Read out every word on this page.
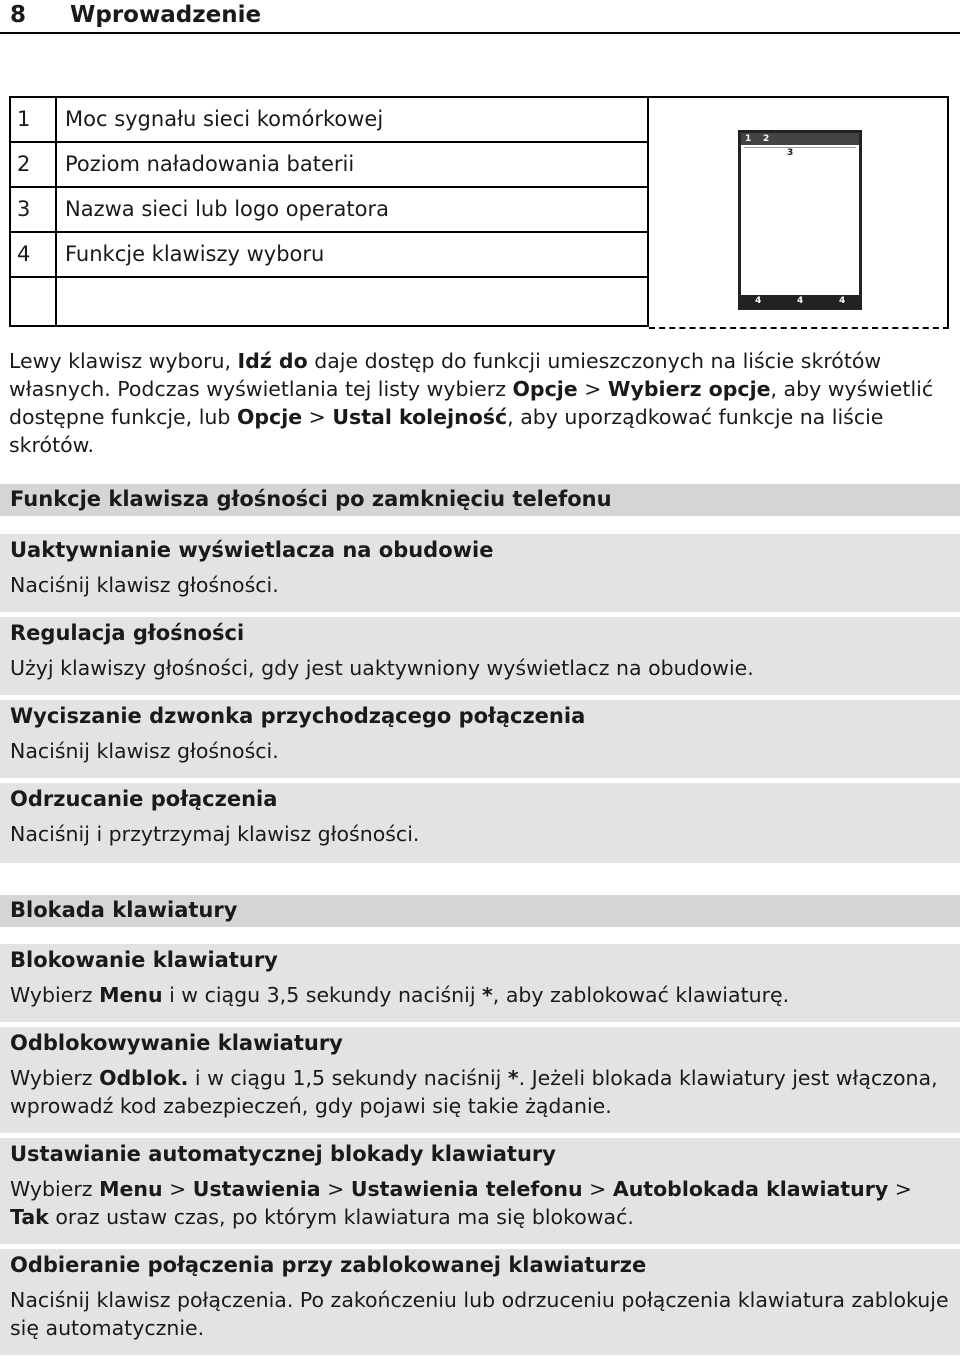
8 Wprowadzenie
1 Moc sygnału sieci komórkowej
2 Poziom naładowania baterii
3 Nazwa sieci lub logo operatora
4 Funkcje klawiszy wyboru
1 2
3
4	4	4
Lewy klawisz wyboru, Idź do daje dostęp do funkcji umieszczonych na liście skrótów własnych. Podczas wyświetlania tej listy wybierz Opcje > Wybierz opcje, aby wyświetlić dostępne funkcje, lub Opcje > Ustal kolejność, aby uporządkować funkcje na liście skrótów.
Funkcje klawisza głośności po zamknięciu telefonu
Uaktywnianie wyświetlacza na obudowie
Naciśnij klawisz głośności.
Regulacja głośności
Użyj klawiszy głośności, gdy jest uaktywniony wyświetlacz na obudowie.
Wyciszanie dzwonka przychodzącego połączenia
Naciśnij klawisz głośności.
Odrzucanie połączenia
Naciśnij i przytrzymaj klawisz głośności.
Blokada klawiatury
Blokowanie klawiatury
Wybierz Menu i w ciągu 3,5 sekundy naciśnij *, aby zablokować klawiaturę.
Odblokowywanie klawiatury
Wybierz Odblok. i w ciągu 1,5 sekundy naciśnij *. Jeżeli blokada klawiatury jest włączona, wprowadź kod zabezpieczeń, gdy pojawi się takie żądanie.
Ustawianie automatycznej blokady klawiatury
Wybierz Menu > Ustawienia > Ustawienia telefonu > Autoblokada klawiatury > Tak oraz ustaw czas, po którym klawiatura ma się blokować.
Odbieranie połączenia przy zablokowanej klawiaturze
Naciśnij klawisz połączenia. Po zakończeniu lub odrzuceniu połączenia klawiatura zablokuje się automatycznie.
